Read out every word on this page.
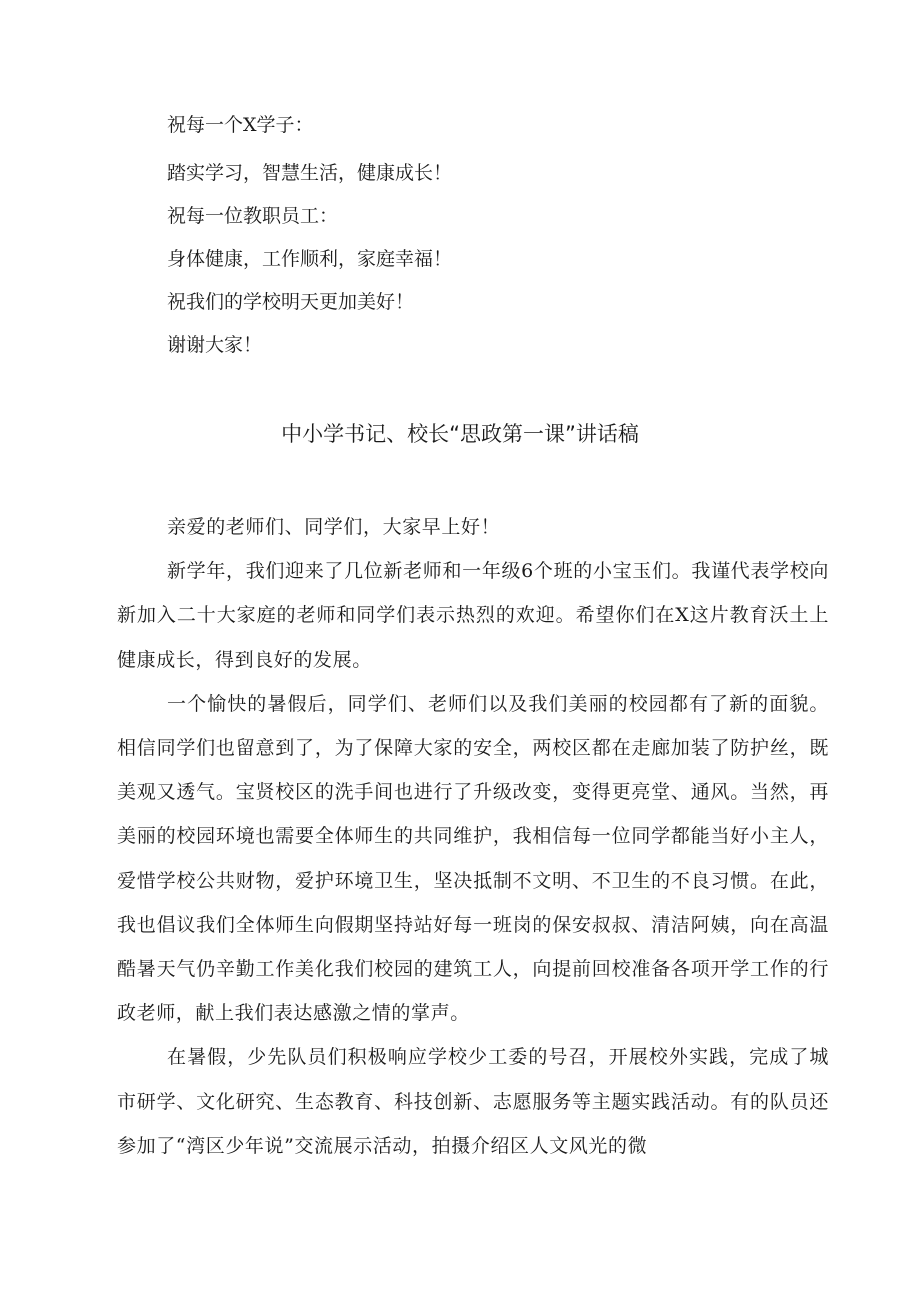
祝每一个X学子：

踏实学习，智慧生活，健康成长！

祝每一位教职员工：

身体健康，工作顺利，家庭幸福！

祝我们的学校明天更加美好！

谢谢大家！

中小学书记、校长“思政第一课”讲话稿

亲爱的老师们、同学们，大家早上好！

新学年，我们迎来了几位新老师和一年级6个班的小宝玉们。我谨代表学校向新加入二十大家庭的老师和同学们表示热烈的欢迎。希望你们在X这片教育沃土上健康成长，得到良好的发展。

一个愉快的暑假后，同学们、老师们以及我们美丽的校园都有了新的面貌。相信同学们也留意到了，为了保障大家的安全，两校区都在走廊加装了防护丝，既美观又透气。宝贤校区的洗手间也进行了升级改变，变得更亮堂、通风。当然，再美丽的校园环境也需要全体师生的共同维护，我相信每一位同学都能当好小主人，爱惜学校公共财物，爱护环境卫生，坚决抵制不文明、不卫生的不良习惯。在此，我也倡议我们全体师生向假期坚持站好每一班岗的保安叔叔、清洁阿姨，向在高温酷暑天气仍辛勤工作美化我们校园的建筑工人，向提前回校准备各项开学工作的行政老师，献上我们表达感激之情的掌声。

在暑假，少先队员们积极响应学校少工委的号召，开展校外实践，完成了城市研学、文化研究、生态教育、科技创新、志愿服务等主题实践活动。有的队员还参加了“湾区少年说”交流展示活动，拍摄介绍区人文风光的微
